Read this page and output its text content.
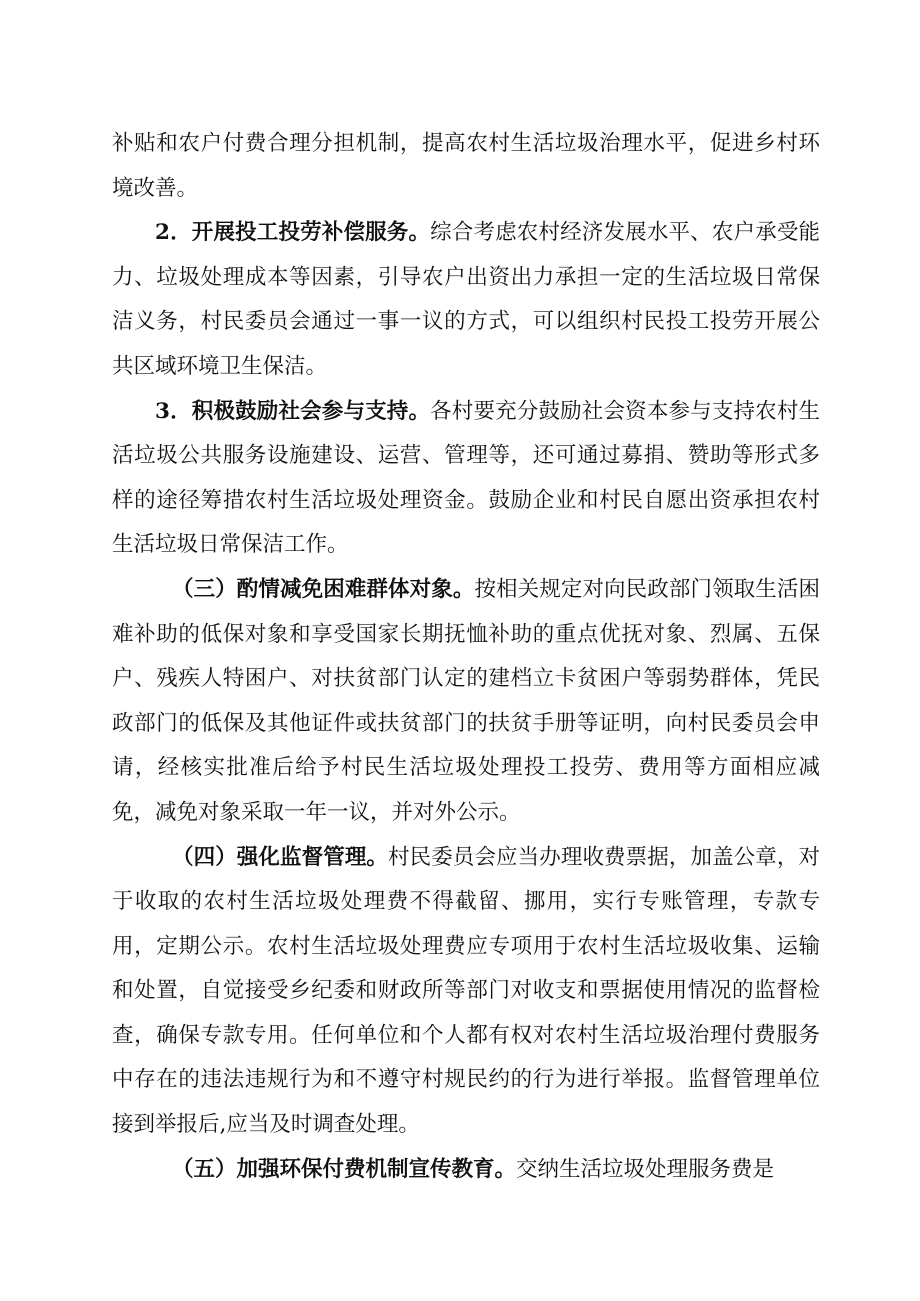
补贴和农户付费合理分担机制，提高农村生活垃圾治理水平，促进乡村环境改善。

2．开展投工投劳补偿服务。综合考虑农村经济发展水平、农户承受能力、垃圾处理成本等因素，引导农户出资出力承担一定的生活垃圾日常保洁义务，村民委员会通过一事一议的方式，可以组织村民投工投劳开展公共区域环境卫生保洁。

3．积极鼓励社会参与支持。各村要充分鼓励社会资本参与支持农村生活垃圾公共服务设施建设、运营、管理等，还可通过募捐、赞助等形式多样的途径筹措农村生活垃圾处理资金。鼓励企业和村民自愿出资承担农村生活垃圾日常保洁工作。

（三）酌情减免困难群体对象。按相关规定对向民政部门领取生活困难补助的低保对象和享受国家长期抚恤补助的重点优抚对象、烈属、五保户、残疾人特困户、对扶贫部门认定的建档立卡贫困户等弱势群体，凭民政部门的低保及其他证件或扶贫部门的扶贫手册等证明，向村民委员会申请，经核实批准后给予村民生活垃圾处理投工投劳、费用等方面相应减免，减免对象采取一年一议，并对外公示。

（四）强化监督管理。村民委员会应当办理收费票据，加盖公章，对于收取的农村生活垃圾处理费不得截留、挪用，实行专账管理，专款专用，定期公示。农村生活垃圾处理费应专项用于农村生活垃圾收集、运输和处置，自觉接受乡纪委和财政所等部门对收支和票据使用情况的监督检查，确保专款专用。任何单位和个人都有权对农村生活垃圾治理付费服务中存在的违法违规行为和不遵守村规民约的行为进行举报。监督管理单位接到举报后,应当及时调查处理。

（五）加强环保付费机制宣传教育。交纳生活垃圾处理服务费是
